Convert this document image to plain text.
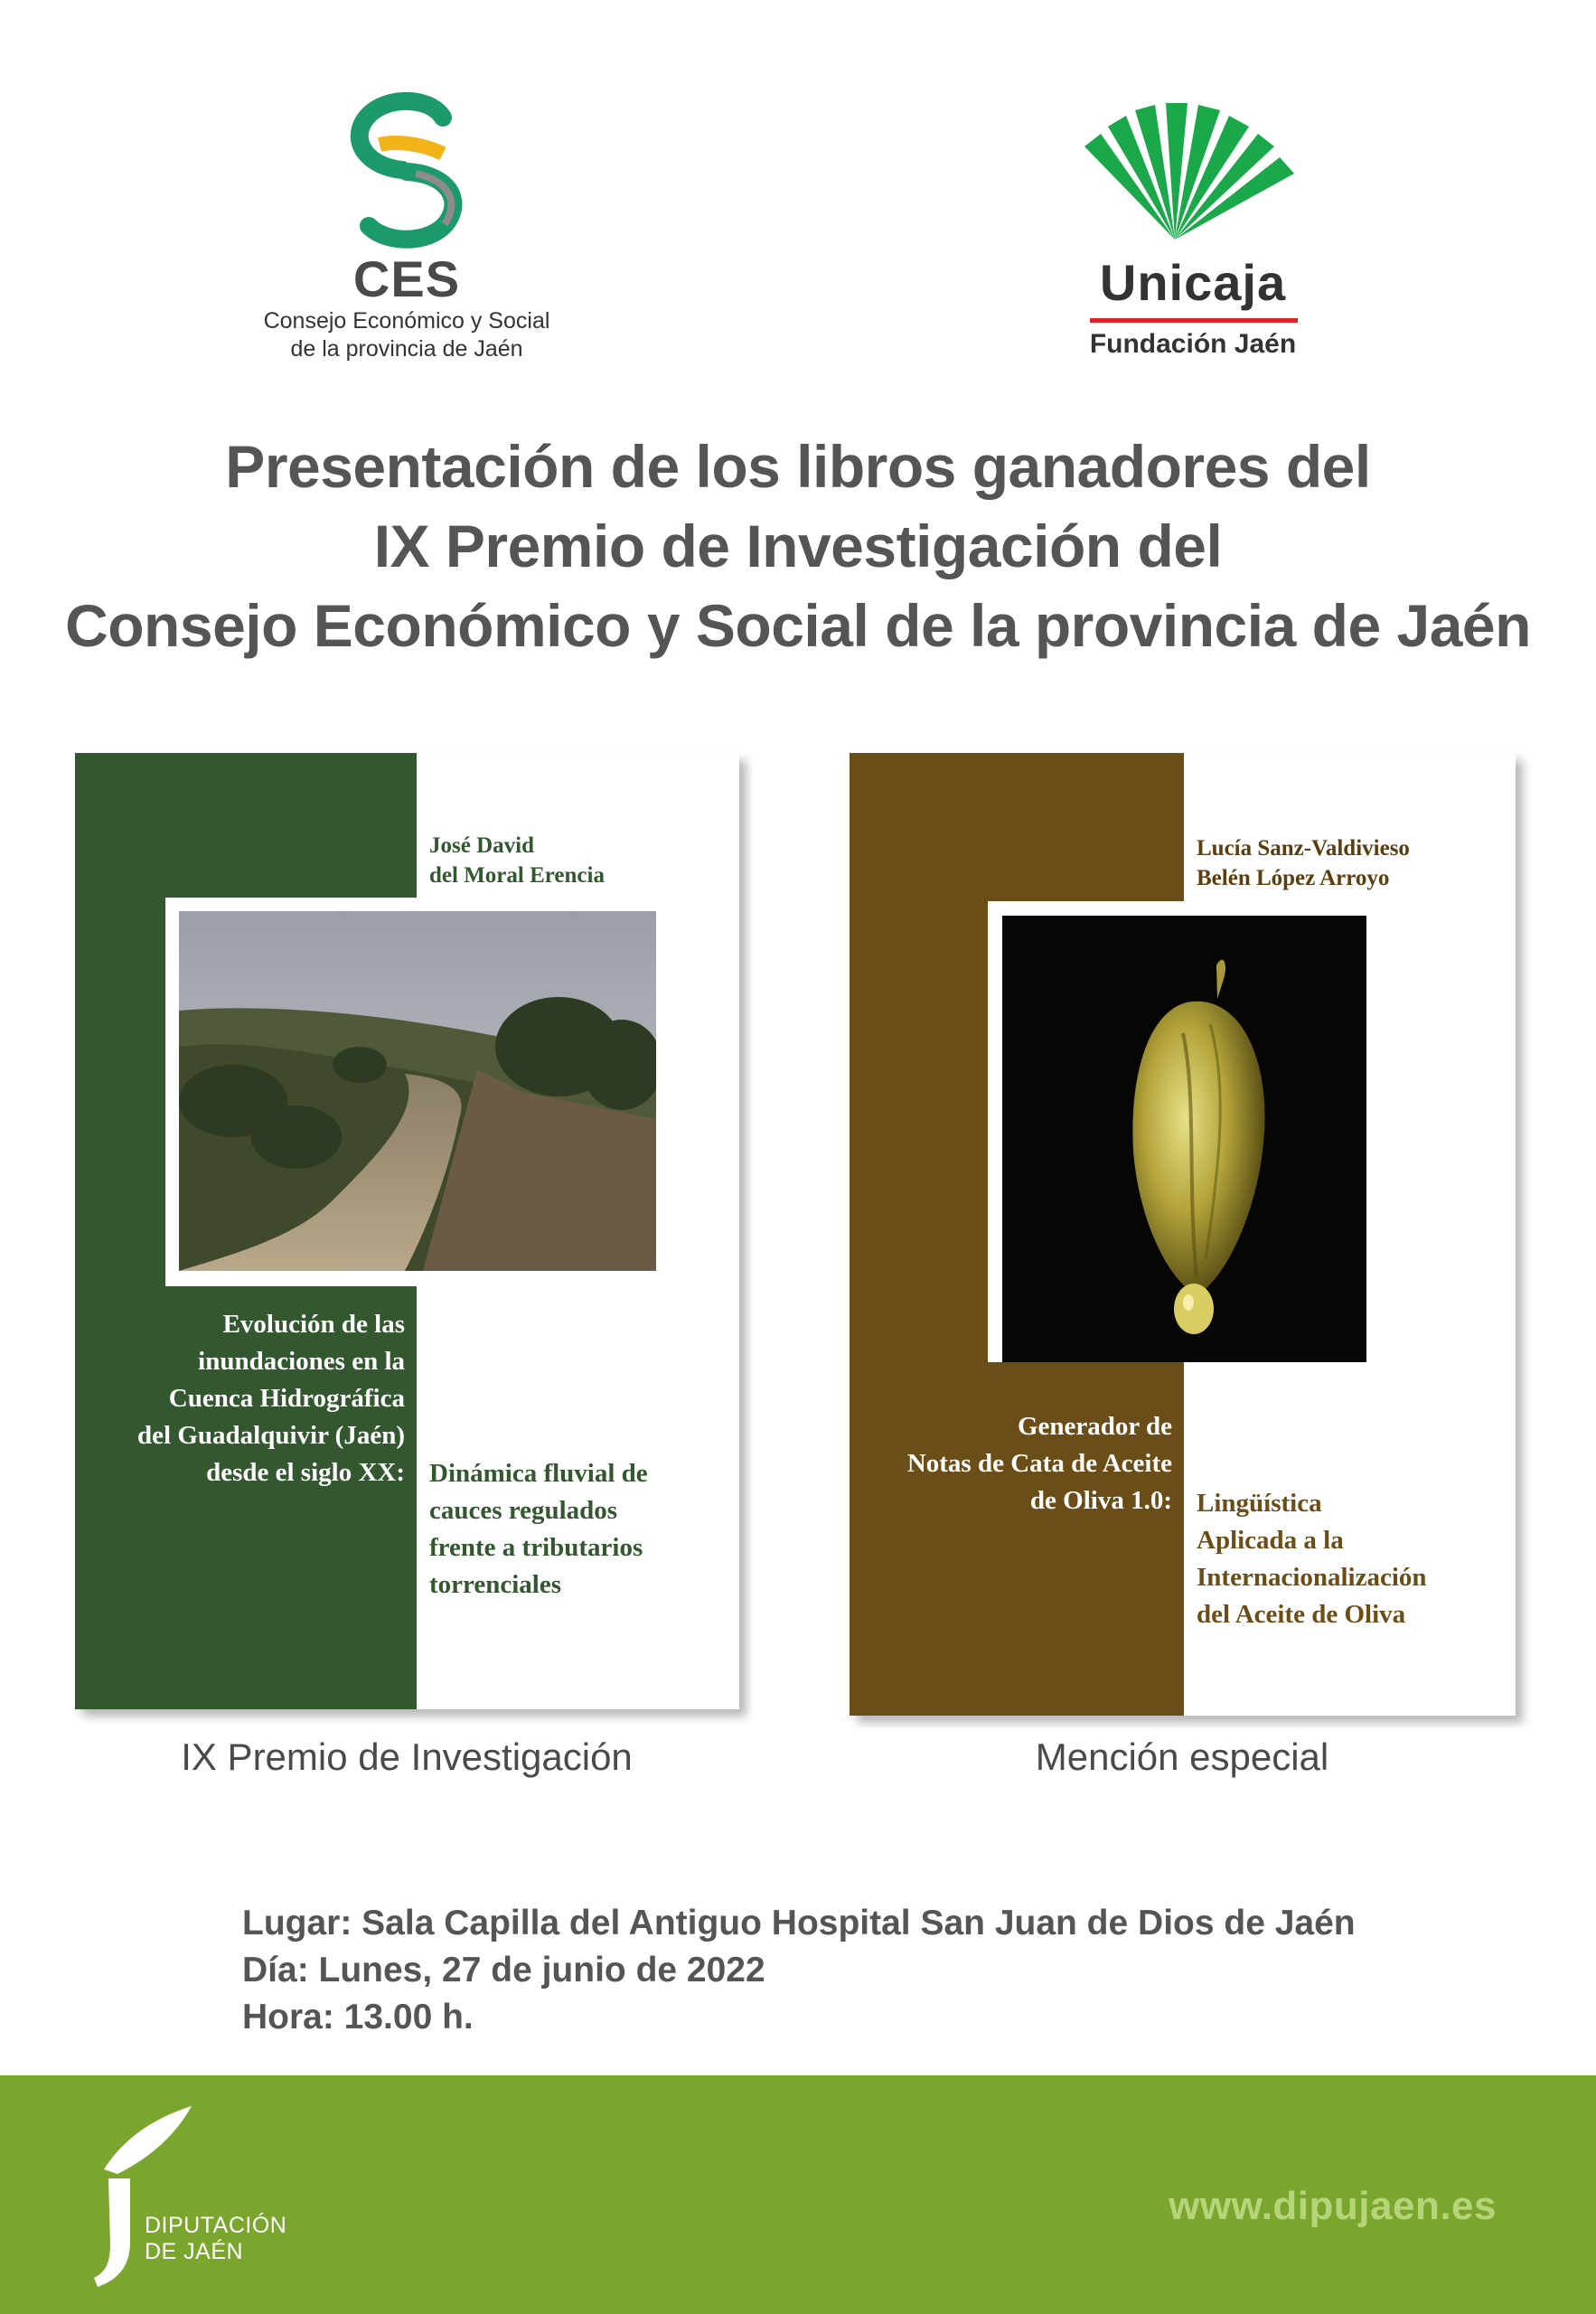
CES
Consejo Económico y Social
de la provincia de Jaén
Unicaja
Fundación Jaén
Presentación de los libros ganadores del
IX Premio de Investigación del
Consejo Económico y Social de la provincia de Jaén
José David
del Moral Erencia
Evolución de las
inundaciones en la
Cuenca Hidrográfica
del Guadalquivir (Jaén)
desde el siglo XX: Dinámica fluvial de
cauces regulados
frente a tributarios
torrenciales
IX Premio de Investigación
Lucía Sanz-Valdivieso
Belén López Arroyo
Generador de
Notas de Cata de Aceite
de Oliva 1.0: Lingüística
Aplicada a la
Internacionalización
del Aceite de Oliva
Mención especial
Lugar: Sala Capilla del Antiguo Hospital San Juan de Dios de Jaén
Día: Lunes, 27 de junio de 2022
Hora: 13.00 h.
DIPUTACIÓN
DE JAÉN
www.dipujaen.es
